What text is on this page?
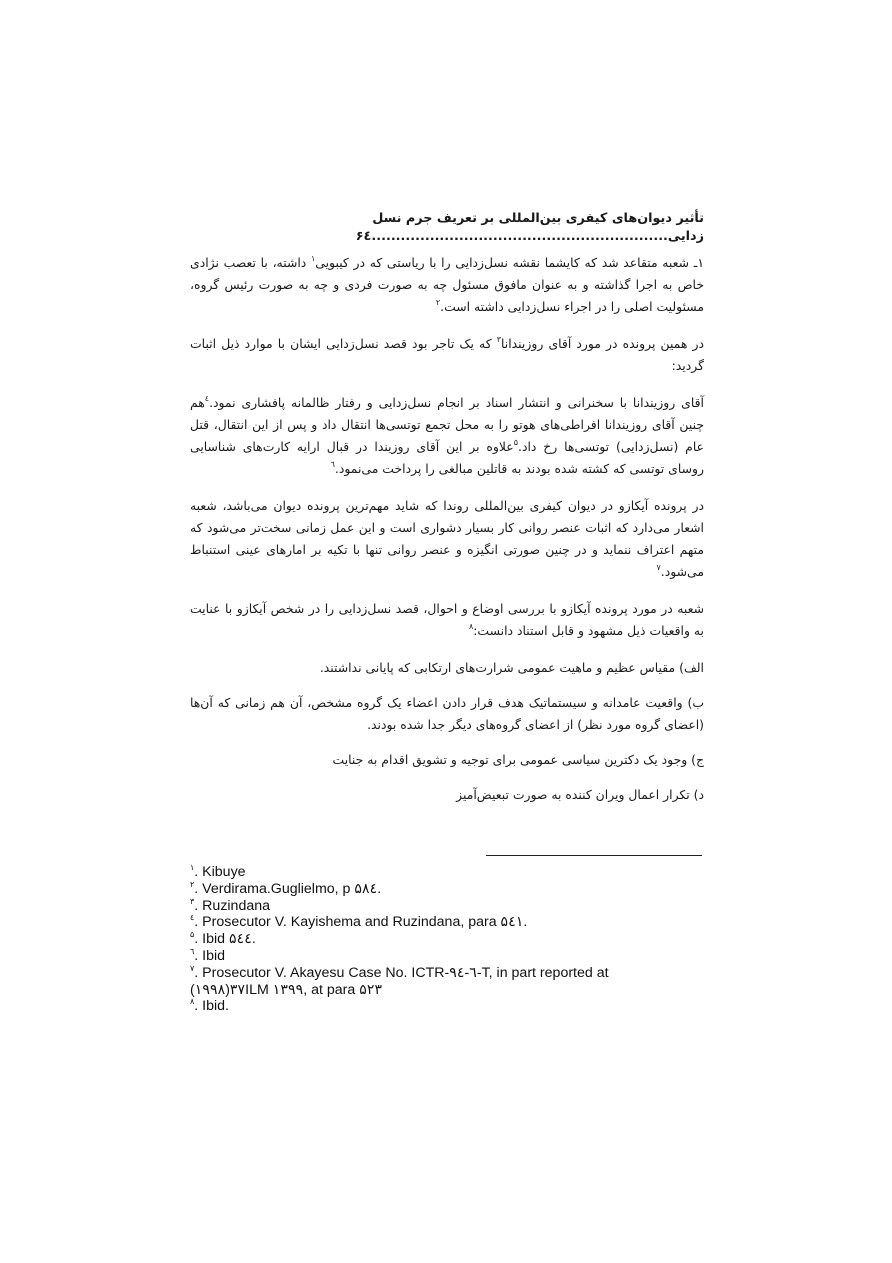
تأثیر دیوان‌های کیفری بین‌المللی بر تعریف جرم نسل
زدایی.............................................................۶٤

۱ـ شعبه متقاعد شد که کایشما نقشه نسل‌زدایی را با ریاستی که در کیبویی$^۱$ داشته، با تعصب نژادی خاص به اجرا گذاشته و به عنوان مافوق مسئول چه به صورت فردی و چه به صورت رئیس گروه، مسئولیت اصلی را در اجراء نسل‌زدایی داشته است.$^۲$

در همین پرونده در مورد آقای روزیندانا$^۳$ که یک تاجر بود قصد نسل‌زدایی ایشان با موارد ذیل اثبات گردید:

آقای روزیندانا با سخنرانی و انتشار اسناد بر انجام نسل‌زدایی و رفتار ظالمانه پافشاری نمود.$^٤$هم چنین آقای روزیندانا افراطی‌های هوتو را به محل تجمع توتسی‌ها انتقال داد و پس از این انتقال، قتل عام (نسل‌زدایی) توتسی‌ها رخ داد.$^۵$علاوه بر این آقای روزیندا در قبال ارایه کارت‌های شناسایی روسای توتسی که کشته شده بودند به قاتلین مبالغی را پرداخت می‌نمود.$^٦$

در پرونده آیکازو در دیوان کیفری بین‌المللی روندا که شاید مهم‌ترین پرونده دیوان می‌باشد، شعبه اشعار می‌دارد که اثبات عنصر روانی کار بسیار دشواری است و این عمل زمانی سخت‌تر می‌شود که متهم اعتراف ننماید و در چنین صورتی انگیزه و عنصر روانی تنها با تکیه بر امارهای عینی استنباط می‌شود.$^۷$

شعبه در مورد پرونده آیکازو با بررسی اوضاع و احوال، قصد نسل‌زدایی را در شخص آیکازو با عنایت به واقعیات ذیل مشهود و قابل استناد دانست:$^۸$

الف) مقیاس عظیم و ماهیت عمومی شرارت‌های ارتکابی که پایانی نداشتند.

ب) واقعیت عامدانه و سیستماتیک هدف قرار دادن اعضاء یک گروه مشخص، آن هم زمانی که آن‌ها (اعضای گروه مورد نظر) از اعضای گروه‌های دیگر جدا شده بودند.

ج) وجود یک دکترین سیاسی عمومی برای توجیه و تشویق اقدام به جنایت

د) تکرار اعمال ویران کننده به صورت تبعیض‌آمیز

$^۱$. Kibuye

$^۲$. Verdirama.Guglielmo, p ۵۸٤.

$^۳$. Ruzindana

$^٤$. Prosecutor V. Kayishema and Ruzindana, para ۵٤۱.

$^۵$. Ibid ۵٤٤.

$^٦$. Ibid

$^۷$. Prosecutor V. Akayesu Case No. ICTR-۹٦-٤-T, in part reported at

(۱۹۹۸)۳۷ILM ۱۳۹۹, at para ۵۲۳

$^۸$. Ibid.
